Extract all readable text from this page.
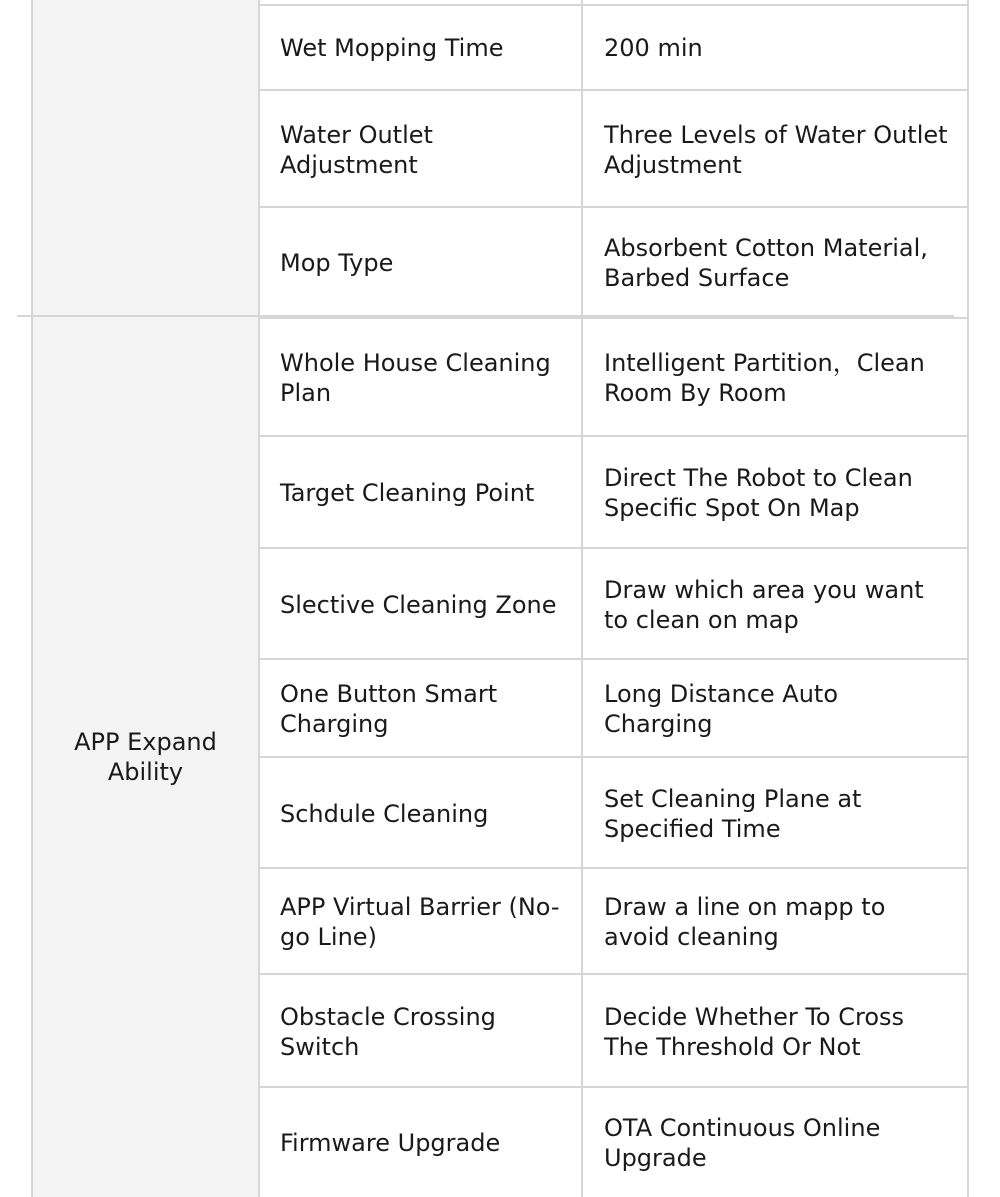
Wet Mopping Time	200 min
Water Outlet Adjustment
Three Levels of Water Outlet Adjustment
Mop Type
Absorbent Cotton Material, Barbed Surface
APP Expand Ability
Whole House Cleaning Plan
Intelligent Partition，Clean Room By Room
Target Cleaning Point
Direct The Robot to Clean Specific Spot On Map
Slective Cleaning Zone
Draw which area you want to clean on map
One Button Smart Charging
Long Distance Auto Charging
Schdule Cleaning
Set Cleaning Plane at Specified Time
APP Virtual Barrier (No-go Line)
Draw a line on mapp to avoid cleaning
Obstacle Crossing Switch
Decide Whether To Cross The Threshold Or Not
Firmware Upgrade
OTA Continuous Online Upgrade
